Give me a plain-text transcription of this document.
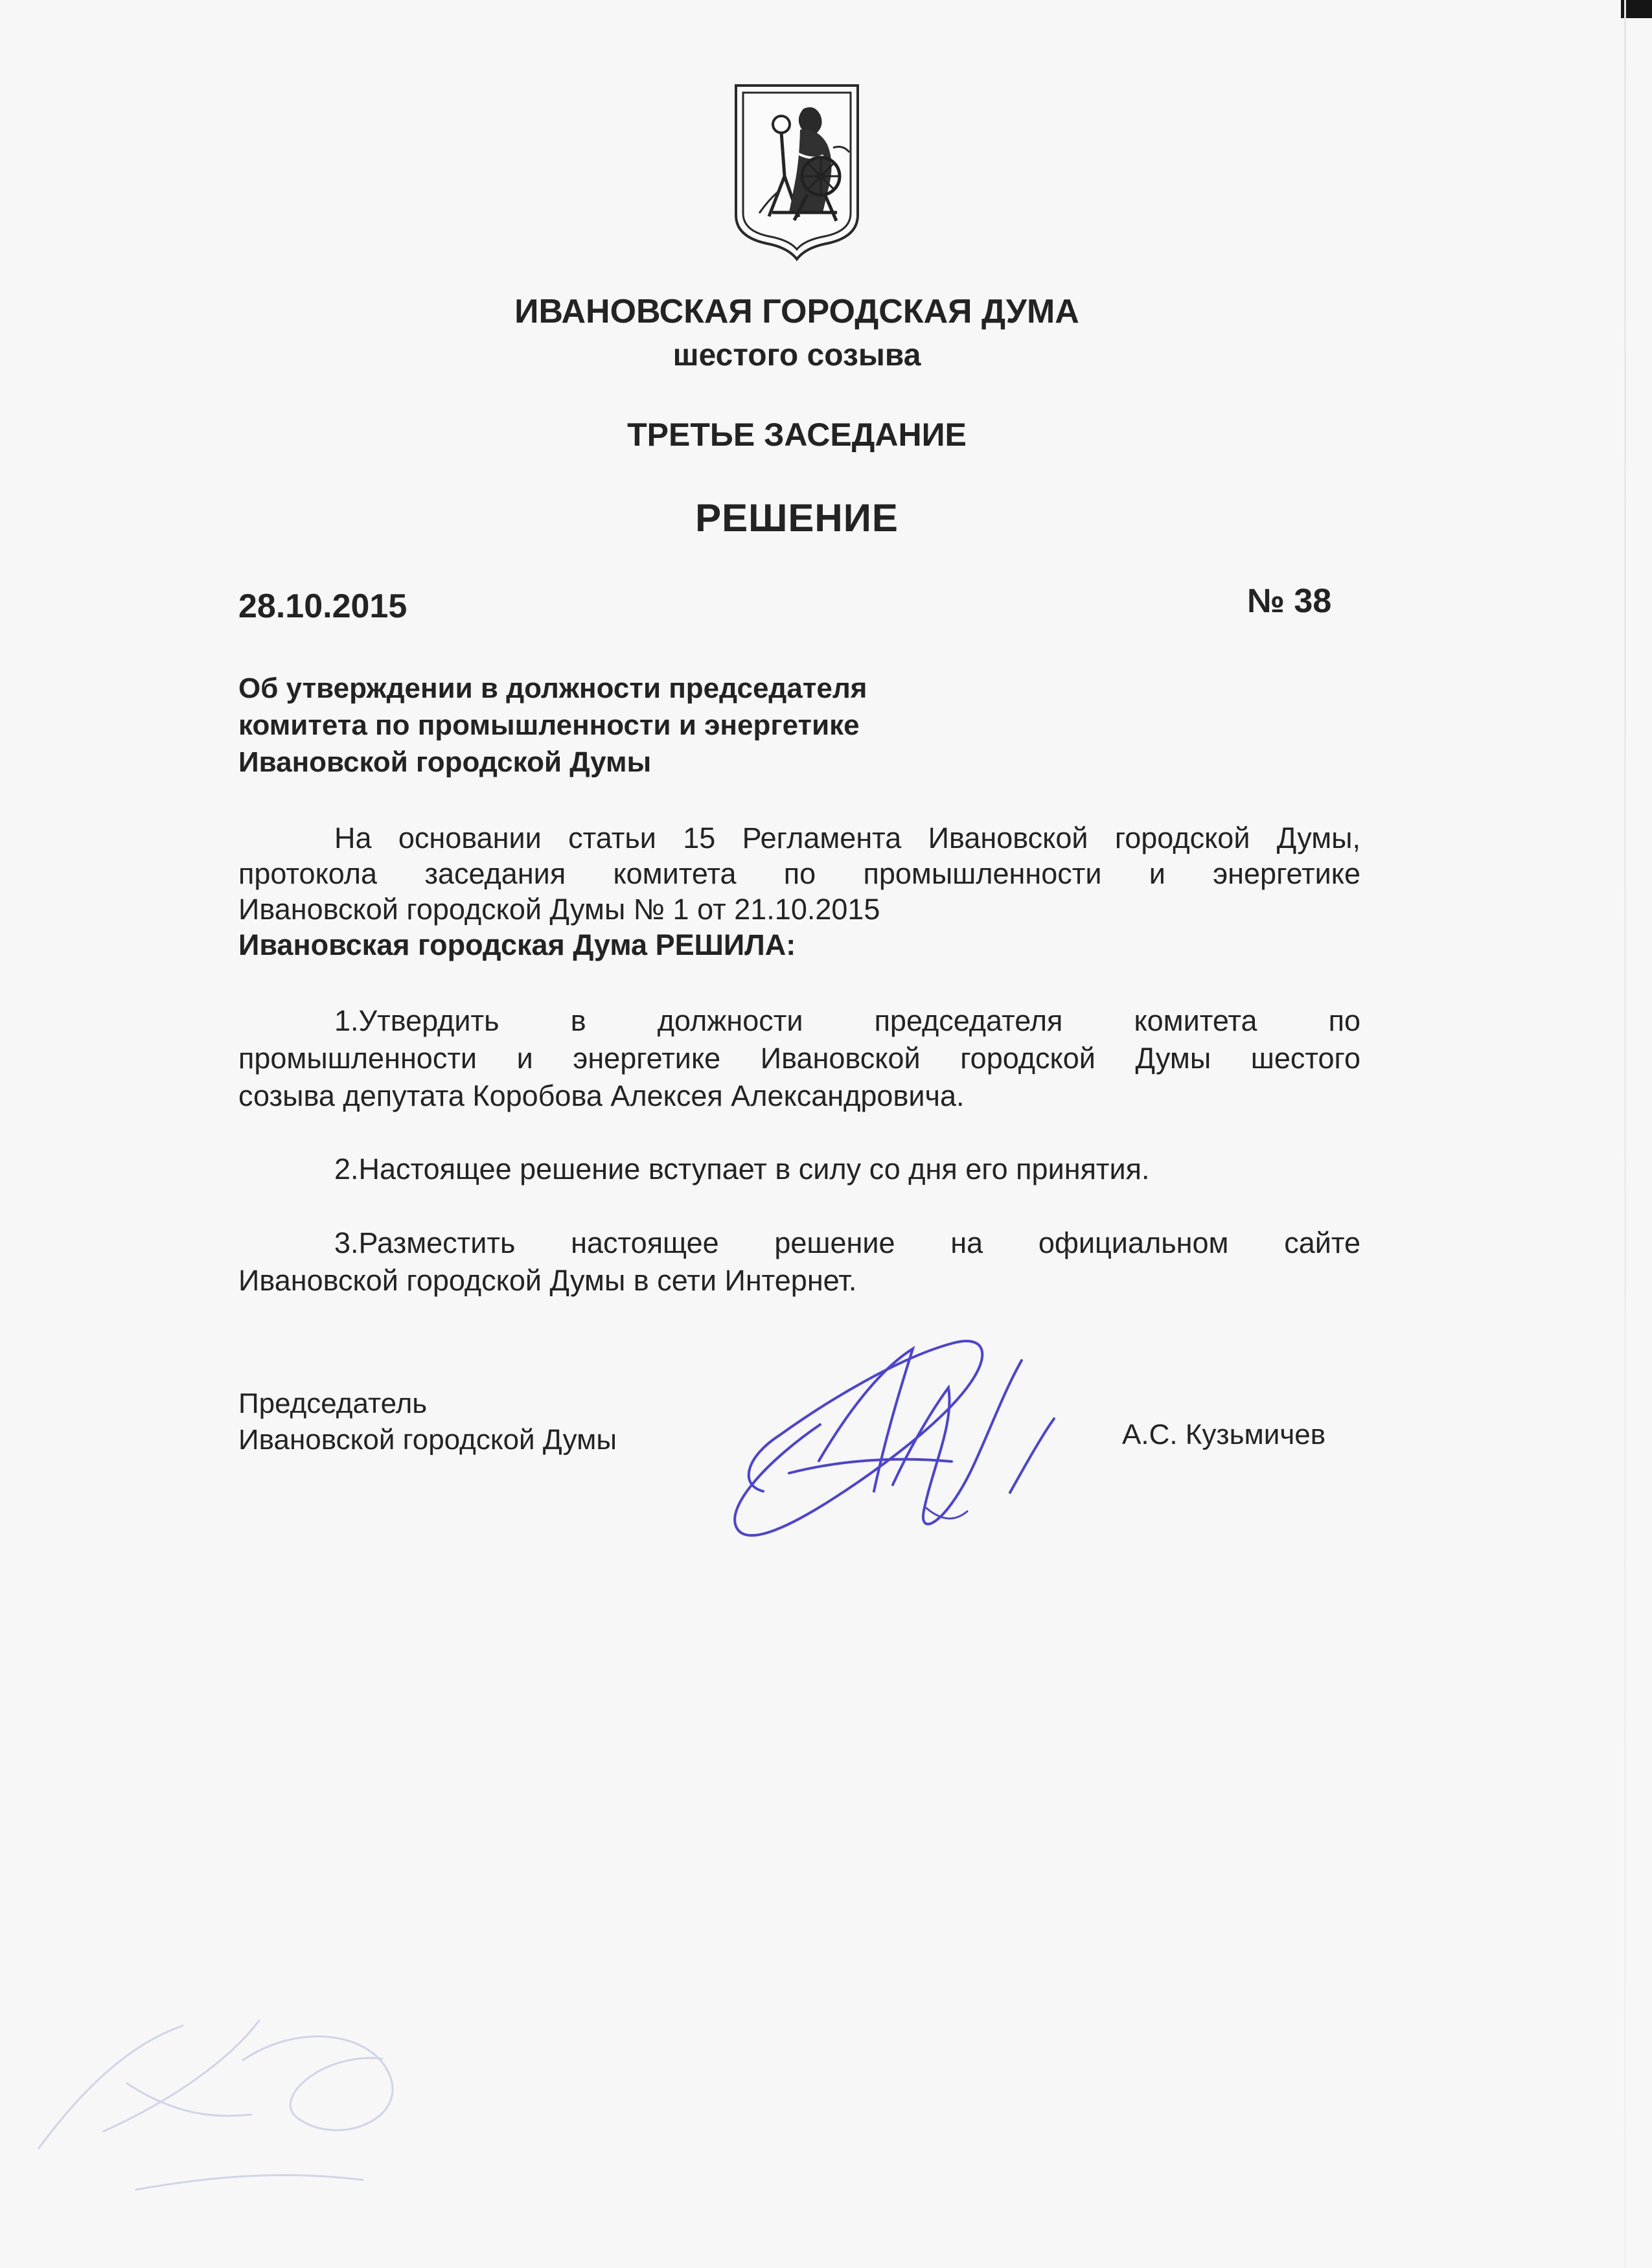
ИВАНОВСКАЯ ГОРОДСКАЯ ДУМА
шестого созыва
ТРЕТЬЕ ЗАСЕДАНИЕ
РЕШЕНИЕ
28.10.2015	№ 38
Об утверждении в должности председателя
комитета по промышленности и энергетике
Ивановской городской Думы
На основании статьи 15 Регламента Ивановской городской Думы,
протокола заседания комитета по промышленности и энергетике
Ивановской городской Думы № 1 от 21.10.2015
Ивановская городская Дума РЕШИЛА:
1.Утвердить в должности председателя комитета по
промышленности и энергетике Ивановской городской Думы шестого
созыва депутата Коробова Алексея Александровича.
2.Настоящее решение вступает в силу со дня его принятия.
3.Разместить настоящее решение на официальном сайте
Ивановской городской Думы в сети Интернет.
Председатель
Ивановской городской Думы	А.С. Кузьмичев
